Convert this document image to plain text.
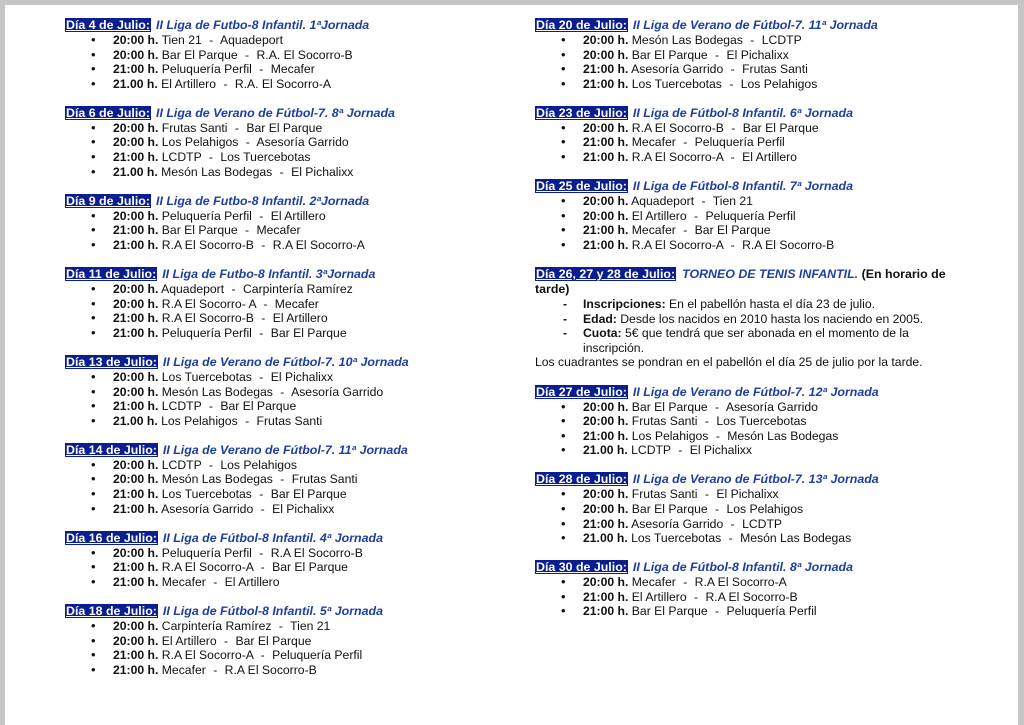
Día 4 de Julio: II Liga de Futbo-8 Infantil. 1ªJornada
• 20:00 h. Tien 21 - Aquadeport
• 20:00 h. Bar El Parque - R.A. El Socorro-B
• 21:00 h. Peluquería Perfil - Mecafer
• 21.00 h. El Artillero - R.A. El Socorro-A
Día 6 de Julio: II Liga de Verano de Fútbol-7. 8ª Jornada
• 20:00 h. Frutas Santi - Bar El Parque
• 20:00 h. Los Pelahigos - Asesoría Garrido
• 21:00 h. LCDTP - Los Tuercebotas
• 21.00 h. Mesón Las Bodegas - El Pichalixx
Día 9 de Julio: II Liga de Futbo-8 Infantil. 2ªJornada
• 20:00 h. Peluquería Perfil - El Artillero
• 21:00 h. Bar El Parque - Mecafer
• 21:00 h. R.A El Socorro-B - R.A El Socorro-A
Día 11 de Julio: II Liga de Futbo-8 Infantil. 3ªJornada
• 20:00 h. Aquadeport - Carpintería Ramírez
• 20:00 h. R.A El Socorro- A - Mecafer
• 21:00 h. R.A El Socorro-B - El Artillero
• 21:00 h. Peluquería Perfil - Bar El Parque
Día 13 de Julio: II Liga de Verano de Fútbol-7. 10ª Jornada
• 20:00 h. Los Tuercebotas - El Pichalixx
• 20:00 h. Mesón Las Bodegas - Asesoría Garrido
• 21:00 h. LCDTP - Bar El Parque
• 21.00 h. Los Pelahigos - Frutas Santi
Día 14 de Julio: II Liga de Verano de Fútbol-7. 11ª Jornada
• 20:00 h. LCDTP - Los Pelahigos
• 20:00 h. Mesón Las Bodegas - Frutas Santi
• 21:00 h. Los Tuercebotas - Bar El Parque
• 21:00 h. Asesoría Garrido - El Pichalixx
Día 16 de Julio: II Liga de Fútbol-8 Infantil. 4ª Jornada
• 20:00 h. Peluquería Perfil - R.A El Socorro-B
• 21:00 h. R.A El Socorro-A - Bar El Parque
• 21:00 h. Mecafer - El Artillero
Día 18 de Julio: II Liga de Fútbol-8 Infantil. 5ª Jornada
• 20:00 h. Carpintería Ramírez - Tien 21
• 20:00 h. El Artillero - Bar El Parque
• 21:00 h. R.A El Socorro-A - Peluquería Perfil
• 21:00 h. Mecafer - R.A El Socorro-B
Día 20 de Julio: II Liga de Verano de Fútbol-7. 11ª Jornada
• 20:00 h. Mesón Las Bodegas - LCDTP
• 20:00 h. Bar El Parque - El Pichalixx
• 21:00 h. Asesoría Garrido - Frutas Santi
• 21:00 h. Los Tuercebotas - Los Pelahigos
Día 23 de Julio: II Liga de Fútbol-8 Infantil. 6ª Jornada
• 20:00 h. R.A El Socorro-B - Bar El Parque
• 21:00 h. Mecafer - Peluquería Perfil
• 21:00 h. R.A El Socorro-A - El Artillero
Día 25 de Julio: II Liga de Fútbol-8 Infantil. 7ª Jornada
• 20:00 h. Aquadeport - Tien 21
• 20:00 h. El Artillero - Peluquería Perfil
• 21:00 h. Mecafer - Bar El Parque
• 21:00 h. R.A El Socorro-A - R.A El Socorro-B
Día 26, 27 y 28 de Julio: TORNEO DE TENIS INFANTIL. (En horario de tarde)
- Inscripciones: En el pabellón hasta el día 23 de julio.
- Edad: Desde los nacidos en 2010 hasta los naciendo en 2005.
- Cuota: 5€ que tendrá que ser abonada en el momento de la inscripción.
Los cuadrantes se pondran en el pabellón el día 25 de julio por la tarde.
Día 27 de Julio: II Liga de Verano de Fútbol-7. 12ª Jornada
• 20:00 h. Bar El Parque - Asesoría Garrido
• 20:00 h. Frutas Santi - Los Tuercebotas
• 21:00 h. Los Pelahigos - Mesón Las Bodegas
• 21.00 h. LCDTP - El Pichalixx
Día 28 de Julio: II Liga de Verano de Fútbol-7. 13ª Jornada
• 20:00 h. Frutas Santi - El Pichalixx
• 20:00 h. Bar El Parque - Los Pelahigos
• 21:00 h. Asesoría Garrido - LCDTP
• 21.00 h. Los Tuercebotas - Mesón Las Bodegas
Día 30 de Julio: II Liga de Fútbol-8 Infantil. 8ª Jornada
• 20:00 h. Mecafer - R.A El Socorro-A
• 21:00 h. El Artillero - R.A El Socorro-B
• 21:00 h. Bar El Parque - Peluquería Perfil
